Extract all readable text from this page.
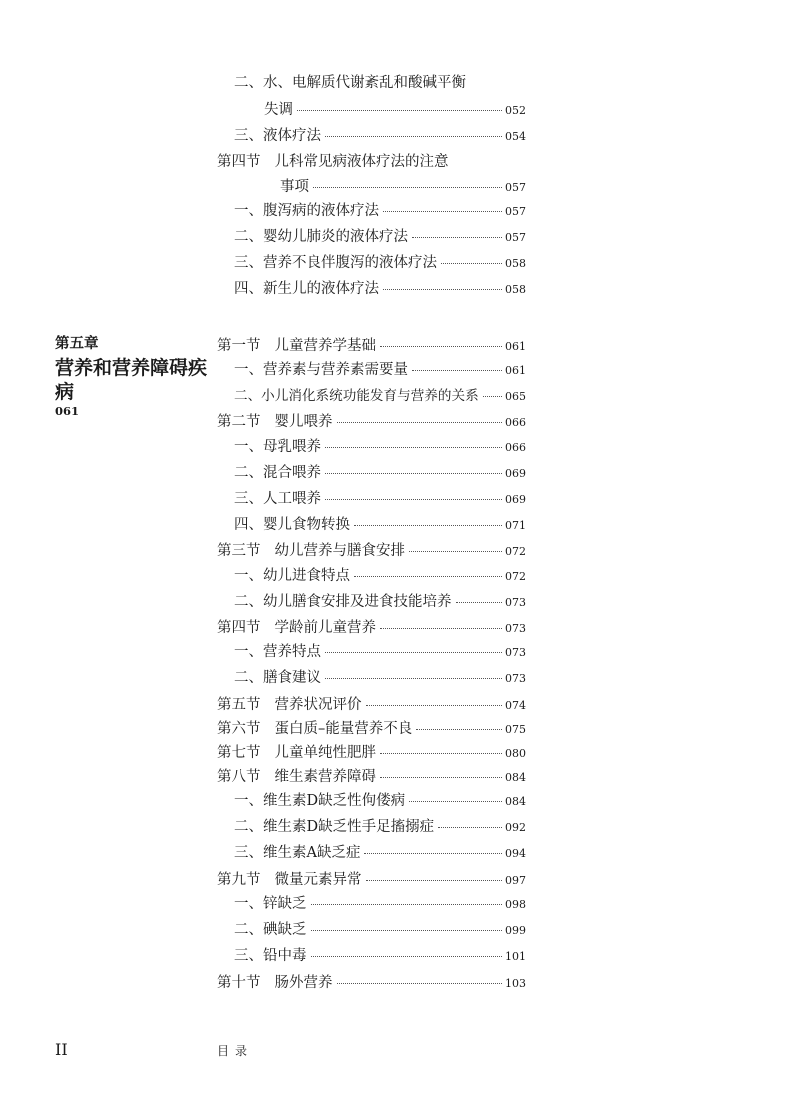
二、水、电解质代谢紊乱和酸碱平衡
失调	052
三、液体疗法	054
第四节 儿科常见病液体疗法的注意
事项	057
一、腹泻病的液体疗法	057
二、婴幼儿肺炎的液体疗法	057
三、营养不良伴腹泻的液体疗法	058
四、新生儿的液体疗法	058
第五章
营养和营养障碍疾病
061
第一节 儿童营养学基础	061
一、营养素与营养素需要量	061
二、小儿消化系统功能发育与营养的关系 065
第二节 婴儿喂养	066
一、母乳喂养	066
二、混合喂养	069
三、人工喂养	069
四、婴儿食物转换	071
第三节 幼儿营养与膳食安排	072
一、幼儿进食特点	072
二、幼儿膳食安排及进食技能培养	073
第四节 学龄前儿童营养	073
一、营养特点	073
二、膳食建议	073
第五节 营养状况评价	074
第六节 蛋白质–能量营养不良	075
第七节 儿童单纯性肥胖	080
第八节 维生素营养障碍	084
一、维生素D缺乏性佝偻病	084
二、维生素D缺乏性手足搐搦症	092
三、维生素A缺乏症	094
第九节 微量元素异常	097
一、锌缺乏	098
二、碘缺乏	099
三、铅中毒	101
第十节 肠外营养	103
II	目录
